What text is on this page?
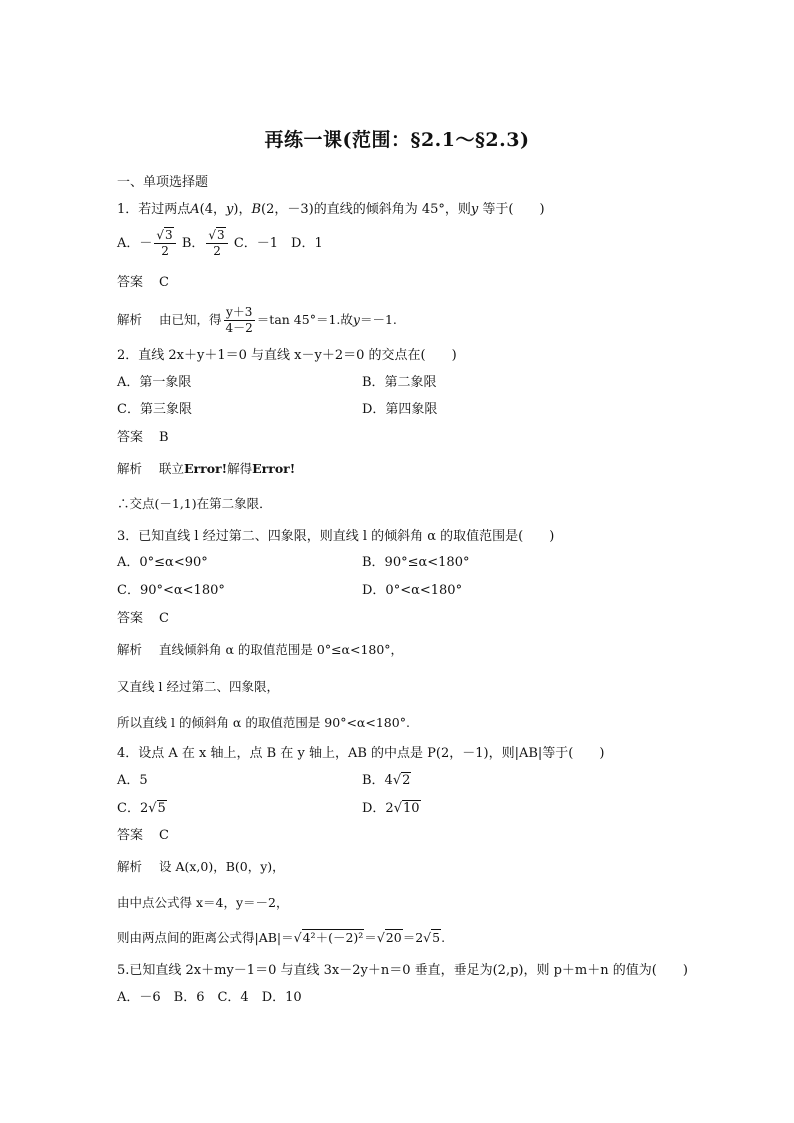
再练一课(范围：§2.1～§2.3)
一、单项选择题
1．若过两点A(4，y)，B(2，－3)的直线的倾斜角为 45°，则y 等于(　　)
A．－ $\frac{√3}{2}$ B． $\frac{√3}{2}$ C．－1　D．1
答案 C
解析 由已知，得 $\frac{y+3}{4-2} =\tan$ 45°＝1.故y＝－1.
2．直线 2x＋y＋1＝0 与直线 x－y＋2＝0 的交点在(　　)
A．第一象限	B．第二象限
C．第三象限	D．第四象限
答案 B
解析 联立Error!解得Error!
∴交点(－1,1)在第二象限．
3．已知直线 l 经过第二、四象限，则直线 l 的倾斜角 α 的取值范围是(　　)
A．0°≤α<90°	B．90°≤α<180°
C．90°<α<180°	D．0°<α<180°
答案 C
解析 直线倾斜角 α 的取值范围是 0°≤α<180°，
又直线 l 经过第二、四象限，
所以直线 l 的倾斜角 α 的取值范围是 90°<α<180°.
4．设点 A 在 x 轴上，点 B 在 y 轴上，AB 的中点是 P(2，－1)，则|AB|等于(　　)
A．5	B．4√2
C．2√5	D．2√10
答案 C
解析 设 A(x,0)，B(0，y)，
由中点公式得 x＝4，y＝－2，
则由两点间的距离公式得|AB|＝√4²＋(－2)²＝√20＝2√5.
5.已知直线 2x＋my－1＝0 与直线 3x－2y＋n＝0 垂直，垂足为(2,p)，则 p＋m＋n 的值为(　　)
A．－6　B．6　C．4　D．10
